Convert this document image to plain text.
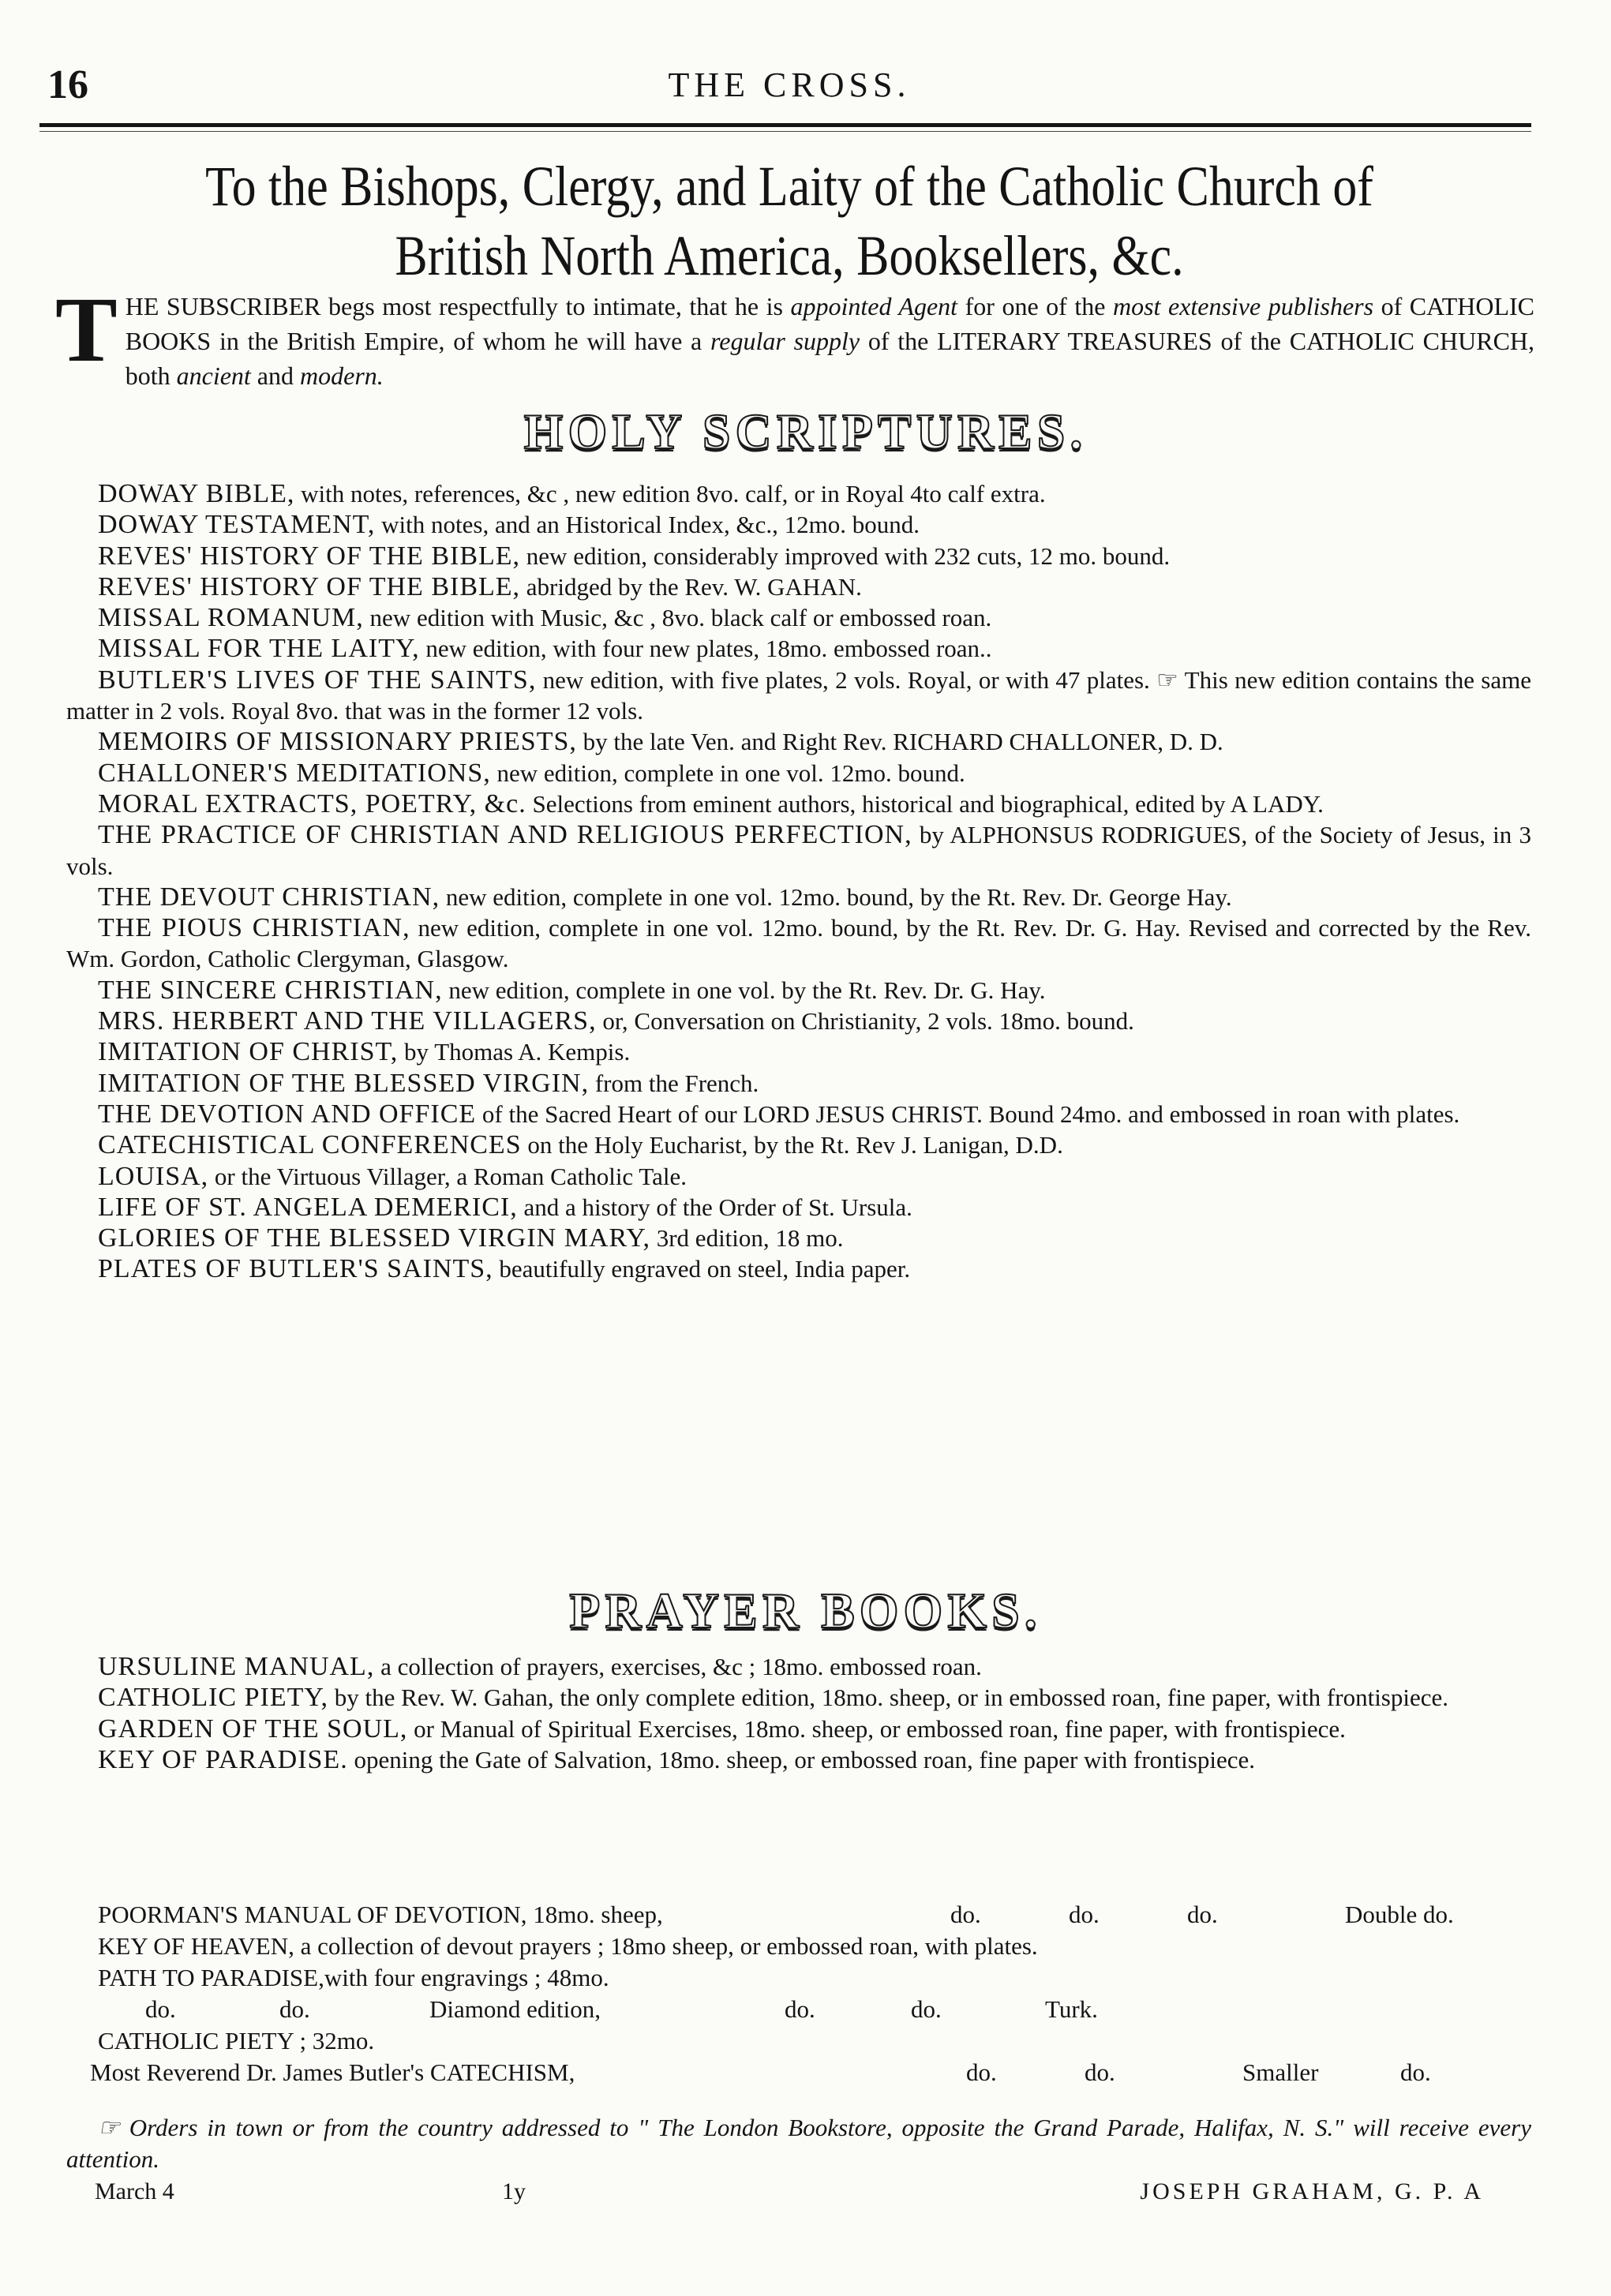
16	THE CROSS.
To the Bishops, Clergy, and Laity of the Catholic Church of British North America, Booksellers, &c.
THE SUBSCRIBER begs most respectfully to intimate, that he is appointed Agent for one of the most extensive publishers of CATHOLIC BOOKS in the British Empire, of whom he will have a regular supply of the LITERARY TREASURES of the CATHOLIC CHURCH, both ancient and modern.
HOLY SCRIPTURES.
DOWAY BIBLE, with notes, references, &c , new edition 8vo. calf, or in Royal 4to calf extra.
DOWAY TESTAMENT, with notes, and an Historical Index, &c., 12mo. bound.
REVES' HISTORY OF THE BIBLE, new edition, considerably improved with 232 cuts, 12 mo. bound.
REVES' HISTORY OF THE BIBLE, abridged by the Rev. W. GAHAN.
MISSAL ROMANUM, new edition with Music, &c , 8vo. black calf or embossed roan.
MISSAL FOR THE LAITY, new edition, with four new plates, 18mo. embossed roan..
BUTLER'S LIVES OF THE SAINTS, new edition, with five plates, 2 vols. Royal, or with 47 plates. ☞ This new edition contains the same matter in 2 vols. Royal 8vo. that was in the former 12 vols.
MEMOIRS OF MISSIONARY PRIESTS, by the late Ven. and Right Rev. RICHARD CHALLONER, D. D.
CHALLONER'S MEDITATIONS, new edition, complete in one vol. 12mo. bound.
MORAL EXTRACTS, POETRY, &c. Selections from eminent authors, historical and biographical, edited by A LADY.
THE PRACTICE OF CHRISTIAN AND RELIGIOUS PERFECTION, by ALPHONSUS RODRIGUES, of the Society of Jesus, in 3 vols.
THE DEVOUT CHRISTIAN, new edition, complete in one vol. 12mo. bound, by the Rt. Rev. Dr. George Hay.
THE PIOUS CHRISTIAN, new edition, complete in one vol. 12mo. bound, by the Rt. Rev. Dr. G. Hay. Revised and corrected by the Rev. Wm. Gordon, Catholic Clergyman, Glasgow.
THE SINCERE CHRISTIAN, new edition, complete in one vol. by the Rt. Rev. Dr. G. Hay.
MRS. HERBERT AND THE VILLAGERS, or, Conversation on Christianity, 2 vols. 18mo. bound.
IMITATION OF CHRIST, by Thomas A. Kempis.
IMITATION OF THE BLESSED VIRGIN, from the French.
THE DEVOTION AND OFFICE of the Sacred Heart of our LORD JESUS CHRIST. Bound 24mo. and embossed in roan with plates.
CATECHISTICAL CONFERENCES on the Holy Eucharist, by the Rt. Rev J. Lanigan, D.D.
LOUISA, or the Virtuous Villager, a Roman Catholic Tale.
LIFE OF ST. ANGELA DEMERICI, and a history of the Order of St. Ursula.
GLORIES OF THE BLESSED VIRGIN MARY, 3rd edition, 18 mo.
PLATES OF BUTLER'S SAINTS, beautifully engraved on steel, India paper.
PRAYER BOOKS.
URSULINE MANUAL, a collection of prayers, exercises, &c ; 18mo. embossed roan.
CATHOLIC PIETY, by the Rev. W. Gahan, the only complete edition, 18mo. sheep, or in embossed roan, fine paper, with frontispiece.
GARDEN OF THE SOUL, or Manual of Spiritual Exercises, 18mo. sheep, or embossed roan, fine paper, with frontispiece.
KEY OF PARADISE. opening the Gate of Salvation, 18mo. sheep, or embossed roan, fine paper with frontispiece.
POORMAN'S MANUAL OF DEVOTION, 18mo. sheep,	do.	do.	do.	Double do.
KEY OF HEAVEN, a collection of devout prayers ; 18mo sheep, or embossed roan, with plates.
PATH TO PARADISE, with four engravings ; 48mo.
do.	do.	Diamond edition,	do.	do.	Turk.
CATHOLIC PIETY ; 32mo.
Most Reverend Dr. James Butler's CATECHISM,	do.	do.	Smaller	do.
☞ Orders in town or from the country addressed to " The London Bookstore, opposite the Grand Parade, Halifax, N. S." will receive every attention.
March 4	1y	JOSEPH GRAHAM, G. P. A
